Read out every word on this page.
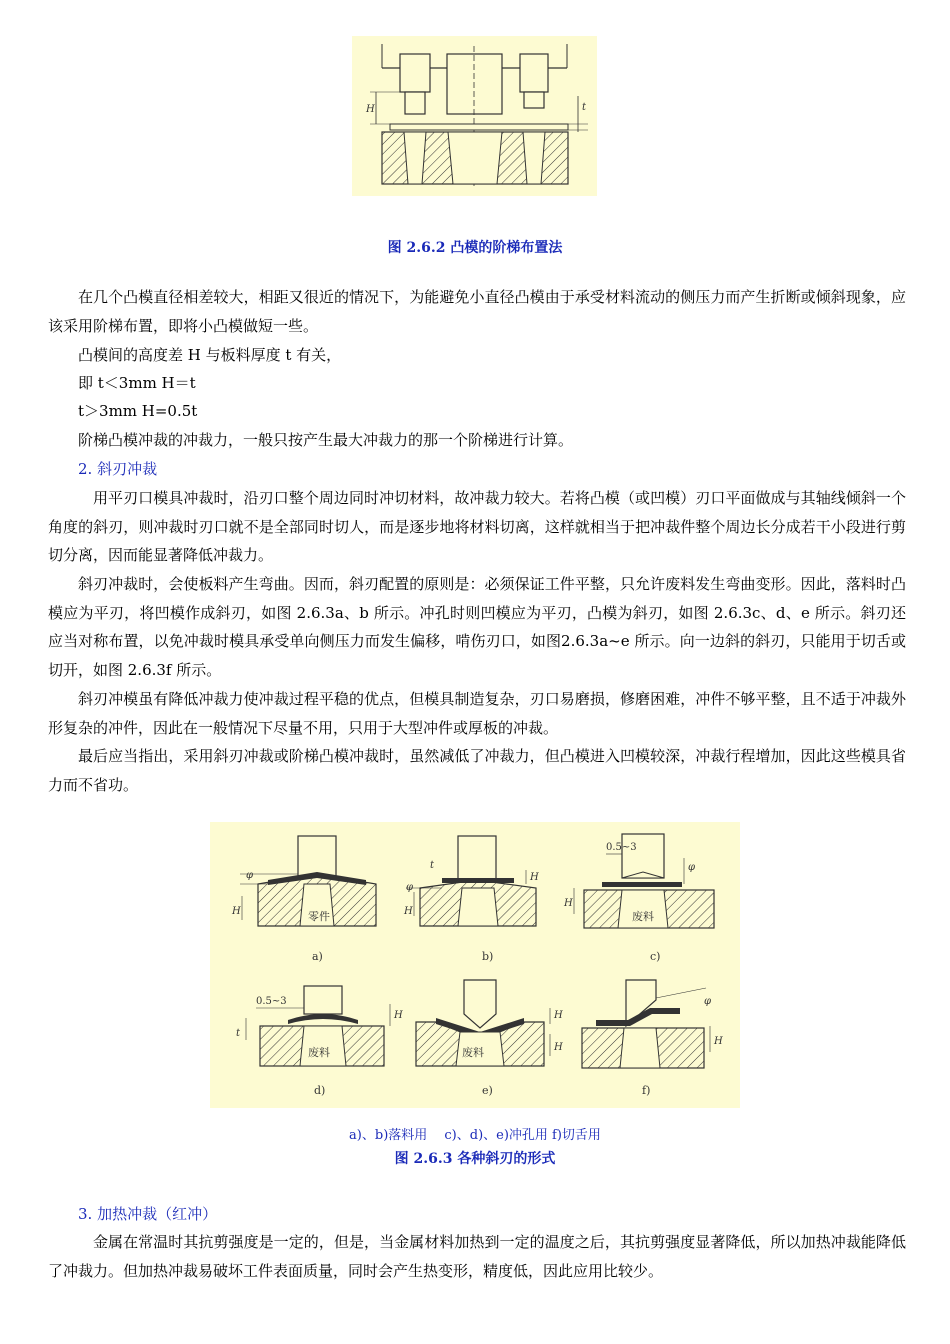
H	t
图 2.6.2 凸模的阶梯布置法

在几个凸模直径相差较大，相距又很近的情况下，为能避免小直径凸模由于承受材料流动的侧压力而产生折断或倾斜现象，应该采用阶梯布置，即将小凸模做短一些。

凸模间的高度差 H 与板料厚度 t 有关，
即 t＜3mm H＝t
t＞3mm H=0.5t
阶梯凸模冲裁的冲裁力，一般只按产生最大冲裁力的那一个阶梯进行计算。
2. 斜刃冲裁

用平刃口模具冲裁时，沿刃口整个周边同时冲切材料，故冲裁力较大。若将凸模（或凹模）刃口平面做成与其轴线倾斜一个角度的斜刃，则冲裁时刃口就不是全部同时切人，而是逐步地将材料切离，这样就相当于把冲裁件整个周边长分成若干小段进行剪切分离，因而能显著降低冲裁力。

斜刃冲裁时，会使板料产生弯曲。因而，斜刃配置的原则是：必须保证工件平整，只允许废料发生弯曲变形。因此，落料时凸模应为平刃，将凹模作成斜刃，如图 2.6.3a、b 所示。冲孔时则凹模应为平刃，凸模为斜刃，如图 2.6.3c、d、e 所示。斜刃还应当对称布置，以免冲裁时模具承受单向侧压力而发生偏移，啃伤刃口，如图2.6.3a~e 所示。向一边斜的斜刃，只能用于切舌或切开，如图 2.6.3f 所示。

斜刃冲模虽有降低冲裁力使冲裁过程平稳的优点，但模具制造复杂，刃口易磨损，修磨困难，冲件不够平整，且不适于冲裁外形复杂的冲件，因此在一般情况下尽量不用，只用于大型冲件或厚板的冲裁。

最后应当指出，采用斜刃冲裁或阶梯凸模冲裁时，虽然减低了冲裁力，但凸模进入凹模较深，冲裁行程增加，因此这些模具省力而不省功。

φ
H	零件
a)
φ
H
t
H
b)
0.5~3
H
φ
废料
c)
0.5~3
t
H
废料
d)
H
H
废料
e)
φ
H
f)
a)、b)落料用　 c)、d)、e)冲孔用 f)切舌用
图 2.6.3 各种斜刃的形式
3. 加热冲裁（红冲）

金属在常温时其抗剪强度是一定的，但是，当金属材料加热到一定的温度之后，其抗剪强度显著降低，所以加热冲裁能降低了冲裁力。但加热冲裁易破坏工件表面质量，同时会产生热变形，精度低，因此应用比较少。
